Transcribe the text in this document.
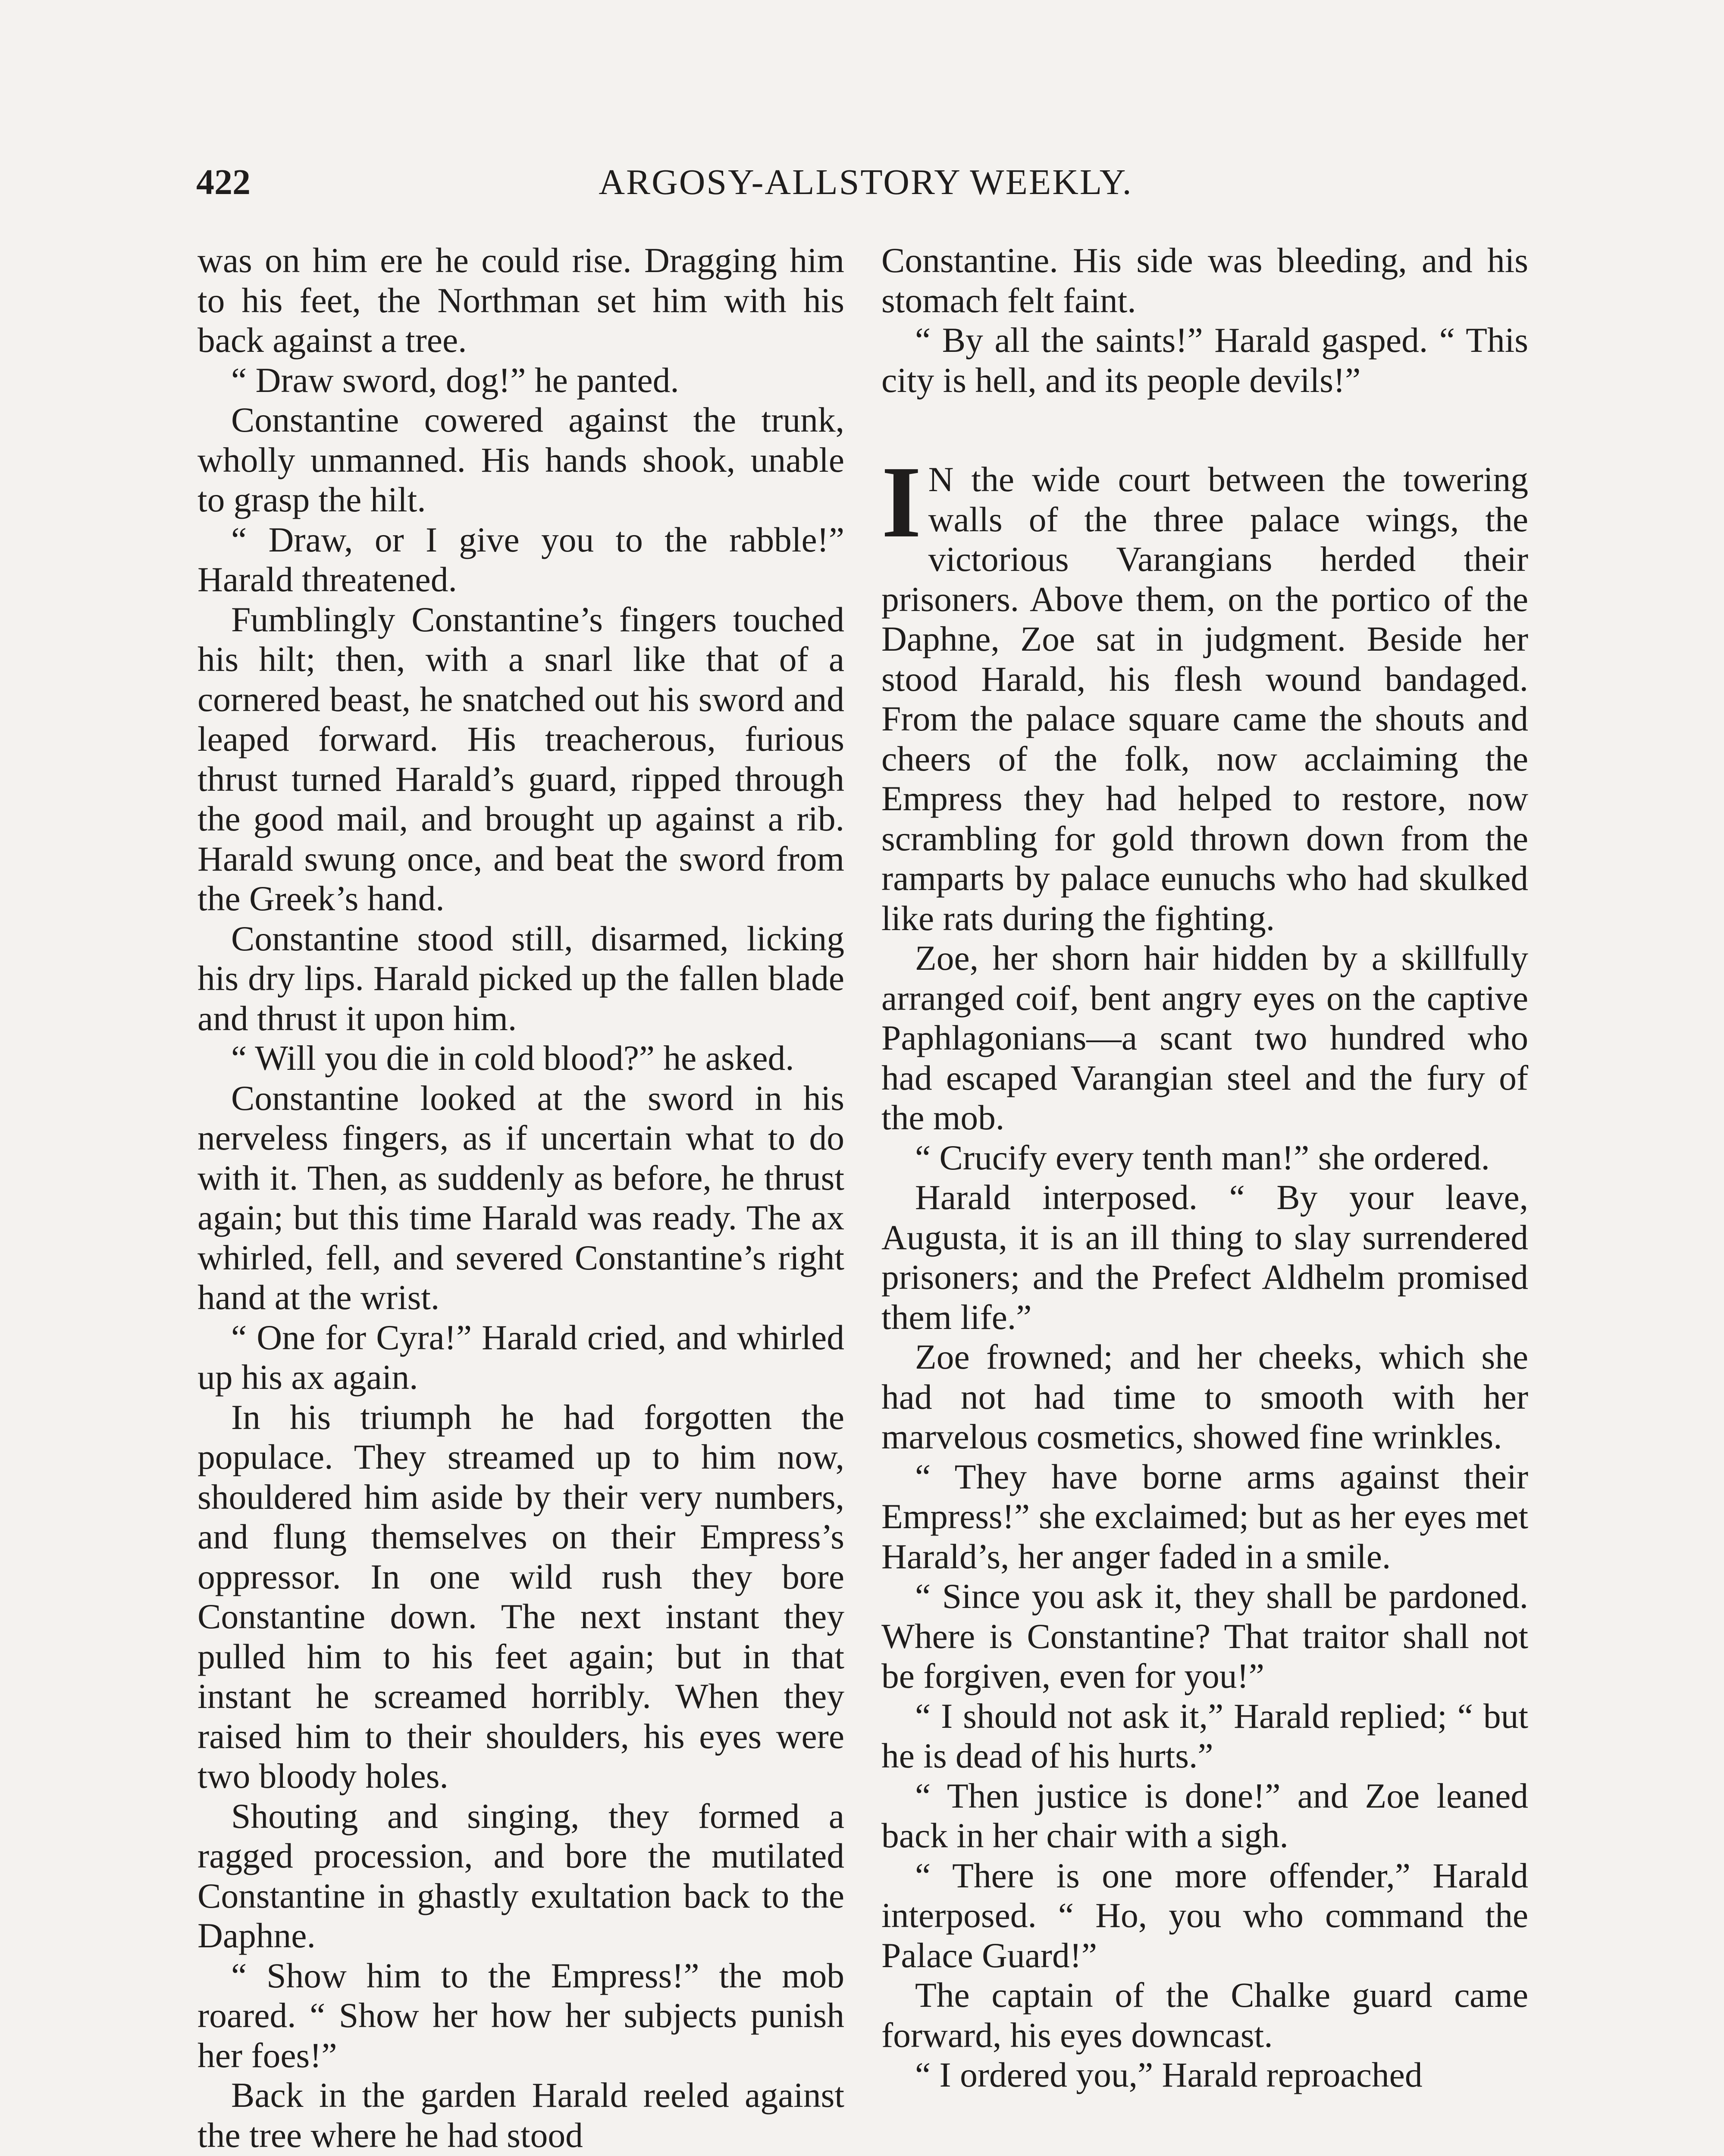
422	ARGOSY-ALLSTORY WEEKLY.

was on him ere he could rise. Dragging him to his feet, the Northman set him with his back against a tree.

“ Draw sword, dog!” he panted.

Constantine cowered against the trunk, wholly unmanned. His hands shook, unable to grasp the hilt.

“ Draw, or I give you to the rabble!” Harald threatened.

Fumblingly Constantine’s fingers touched his hilt; then, with a snarl like that of a cornered beast, he snatched out his sword and leaped forward. His treacherous, furious thrust turned Harald’s guard, ripped through the good mail, and brought up against a rib. Harald swung once, and beat the sword from the Greek’s hand.

Constantine stood still, disarmed, licking his dry lips. Harald picked up the fallen blade and thrust it upon him.

“ Will you die in cold blood?” he asked.

Constantine looked at the sword in his nerveless fingers, as if uncertain what to do with it. Then, as suddenly as before, he thrust again; but this time Harald was ready. The ax whirled, fell, and severed Constantine’s right hand at the wrist.

“ One for Cyra!” Harald cried, and whirled up his ax again.

In his triumph he had forgotten the populace. They streamed up to him now, shouldered him aside by their very numbers, and flung themselves on their Empress’s oppressor. In one wild rush they bore Constantine down. The next instant they pulled him to his feet again; but in that instant he screamed horribly. When they raised him to their shoulders, his eyes were two bloody holes.

Shouting and singing, they formed a ragged procession, and bore the mutilated Constantine in ghastly exultation back to the Daphne.

“ Show him to the Empress!” the mob roared. “ Show her how her subjects punish her foes!”

Back in the garden Harald reeled against the tree where he had stood

Constantine. His side was bleeding, and his stomach felt faint.

“ By all the saints!” Harald gasped. “ This city is hell, and its people devils!”

I N the wide court between the towering walls of the three palace wings, the victorious Varangians herded their prisoners. Above them, on the portico of the Daphne, Zoe sat in judgment. Beside her stood Harald, his flesh wound bandaged. From the palace square came the shouts and cheers of the folk, now acclaiming the Empress they had helped to restore, now scrambling for gold thrown down from the ramparts by palace eunuchs who had skulked like rats during the fighting.

Zoe, her shorn hair hidden by a skillfully arranged coif, bent angry eyes on the captive Paphlagonians—a scant two hundred who had escaped Varangian steel and the fury of the mob.

“ Crucify every tenth man!” she ordered.

Harald interposed. “ By your leave, Augusta, it is an ill thing to slay surrendered prisoners; and the Prefect Aldhelm promised them life.”

Zoe frowned; and her cheeks, which she had not had time to smooth with her marvelous cosmetics, showed fine wrinkles.

“ They have borne arms against their Empress!” she exclaimed; but as her eyes met Harald’s, her anger faded in a smile.

“ Since you ask it, they shall be pardoned. Where is Constantine? That traitor shall not be forgiven, even for you!”

“ I should not ask it,” Harald replied; “ but he is dead of his hurts.”

“ Then justice is done!” and Zoe leaned back in her chair with a sigh.

“ There is one more offender,” Harald interposed. “ Ho, you who command the Palace Guard!”

The captain of the Chalke guard came forward, his eyes downcast.

“ I ordered you,” Harald reproached
